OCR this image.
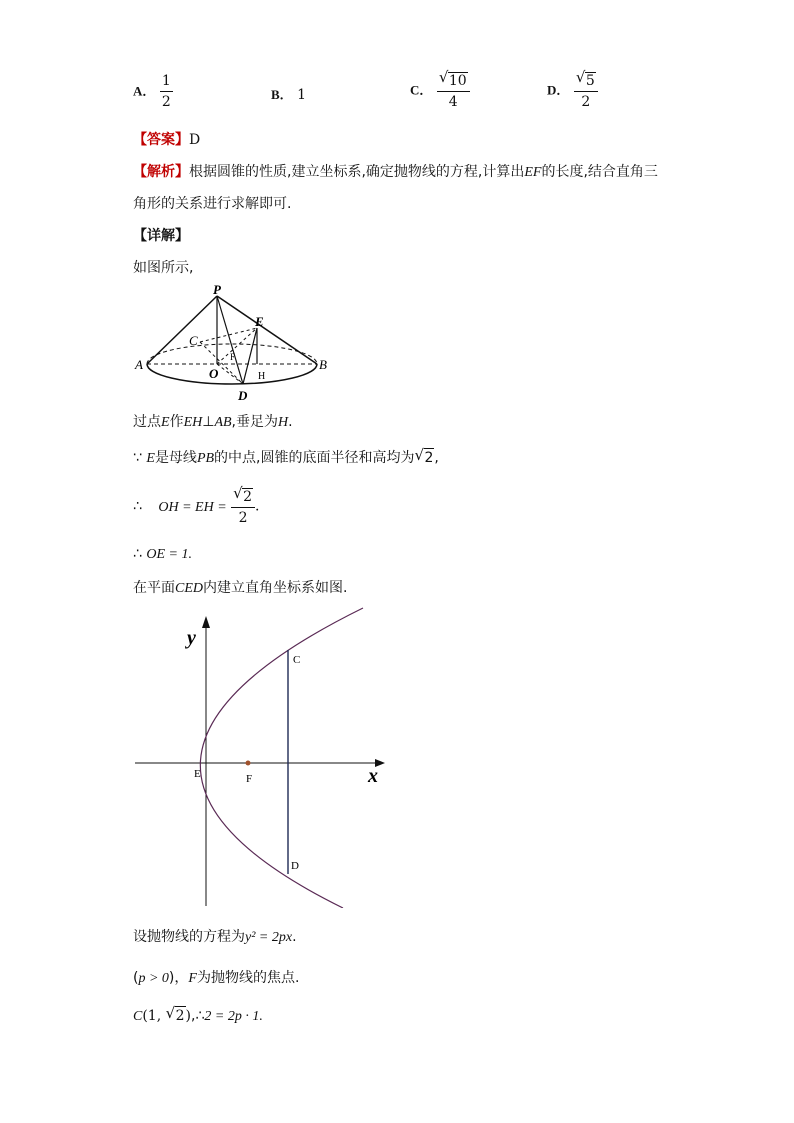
A． $\frac{1}{2}$	B． 1	C． $\frac{√ 10}{4}$	D． $\frac{√ 5}{2}$
【答案】D
【解析】根据圆锥的性质,建立坐标系,确定抛物线的方程,计算出EF的长度,结合直角三
角形的关系进行求解即可.
【详解】
如图所示,
P
C
E
F
A
O	H
B
D
过点E作EH⊥AB,垂足为H.
∵ E是母线PB的中点,圆锥的底面半径和高均为 √ 2,
∴ OH = EH = $\frac{√ 2}{2}$ .
∴ OE = 1.
在平面CED内建立直角坐标系如图.
y
x
C
D
E	F
设抛物线的方程为y² = 2px.
(p > 0)，F为抛物线的焦点.
C(1, √ 2),∴2 = 2p · 1.
